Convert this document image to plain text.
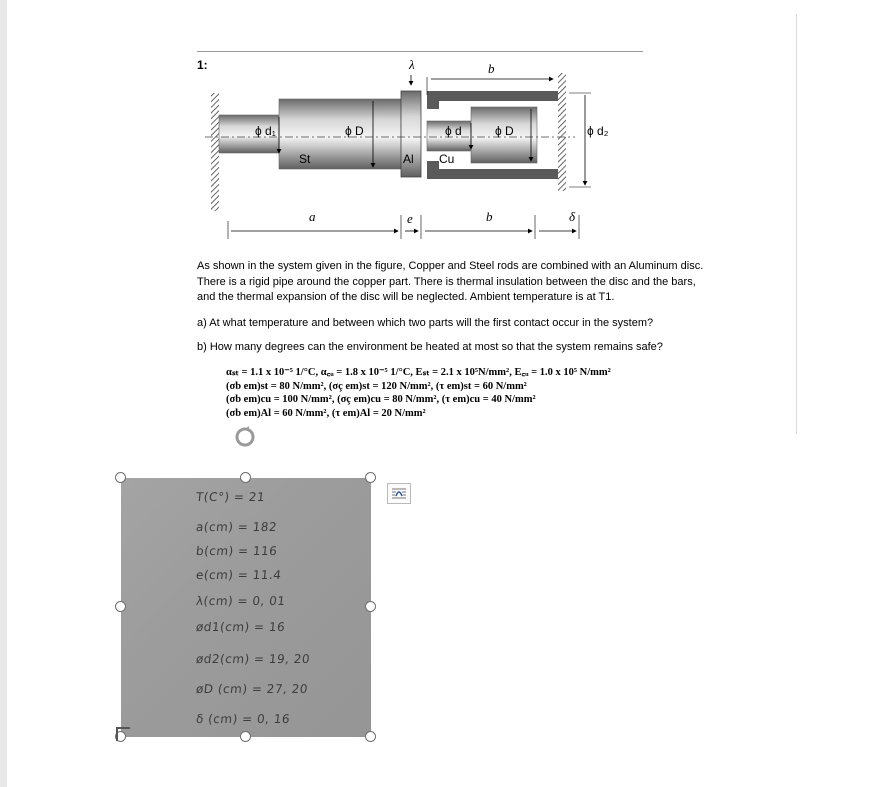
1:	λ	b
ϕ d₁	ϕ D	ϕ d	ϕ D	ϕ d₂
St	Al Cu
a	e	b	δ

As shown in the system given in the figure, Copper and Steel rods are combined with an Aluminum disc.

There is a rigid pipe around the copper part. There is thermal insulation between the disc and the bars,

and the thermal expansion of the disc will be neglected. Ambient temperature is at T1.

a) At what temperature and between which two parts will the first contact occur in the system?
b) How many degrees can the environment be heated at most so that the system remains safe?
αₛₜ = 1.1 x 10⁻⁵ 1/°C, α꜀ᵤ = 1.8 x 10⁻⁵ 1/°C, Eₛₜ = 2.1 x 10⁵N/mm², E꜀ᵤ = 1.0 x 10⁵ N/mm²
(σb em)st = 80 N/mm², (σç em)st = 120 N/mm², (τ em)st = 60 N/mm²
(σb em)cu = 100 N/mm², (σç em)cu = 80 N/mm², (τ em)cu = 40 N/mm²
(σb em)Al = 60 N/mm², (τ em)Al = 20 N/mm²
T(C°) = 21
a(cm) = 182
b(cm) = 116
e(cm) = 11.4
λ(cm) = 0, 01
ød1(cm) = 16
ød2(cm) = 19, 20
øD (cm) = 27, 20
δ (cm) = 0, 16
